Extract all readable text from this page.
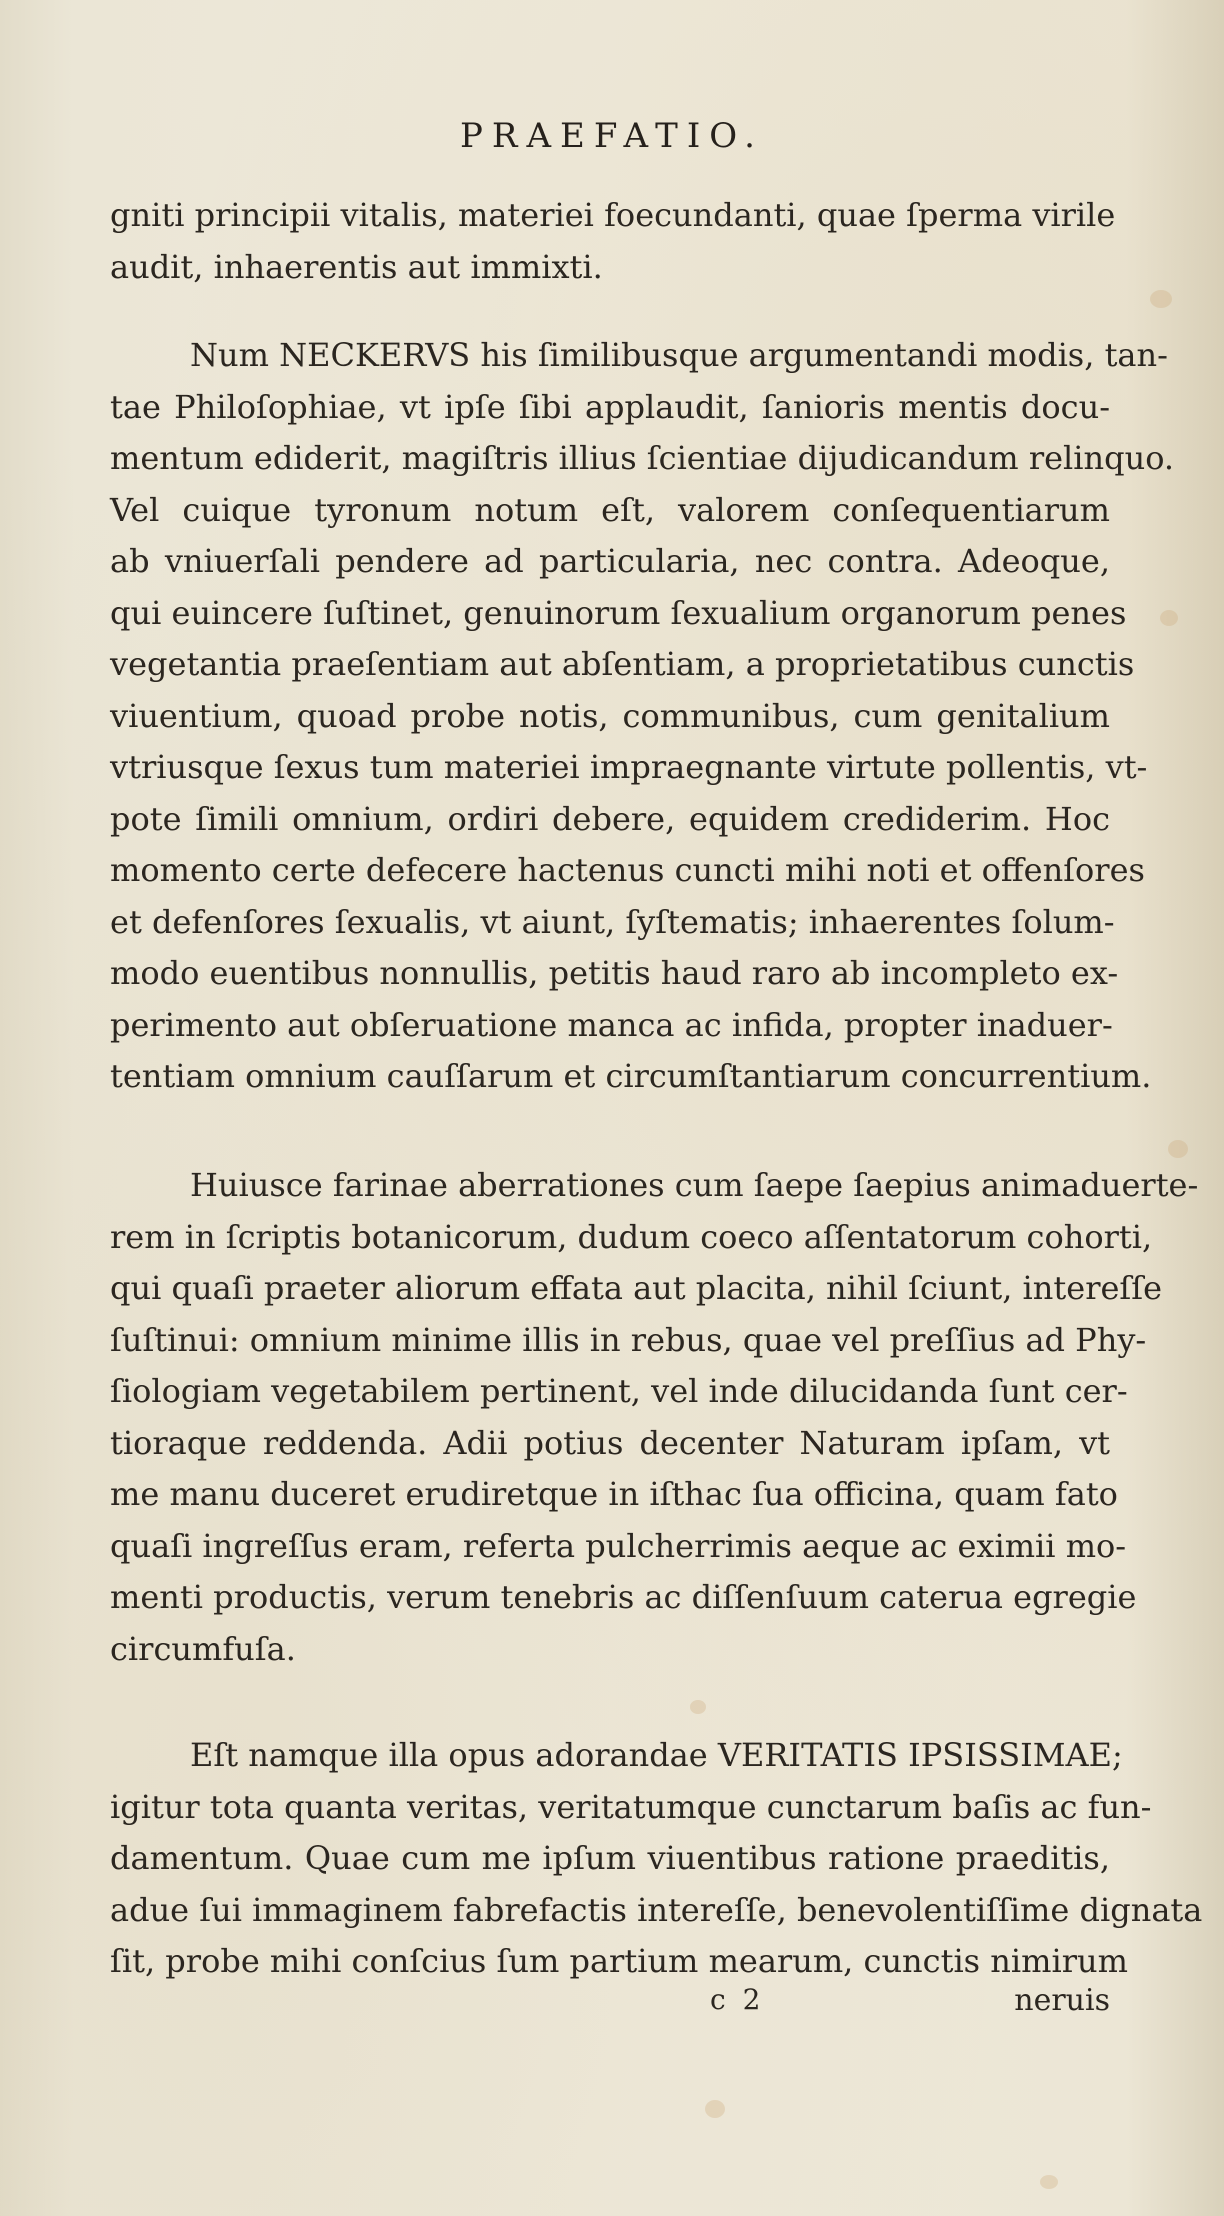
PRAEFATIO.
gniti principii vitalis, materiei foecundanti, quae ſperma virile
audit, inhaerentis aut immixti.
Num NECKERVS his ſimilibusque argumentandi modis, tan-
tae Philoſophiae, vt ipſe ſibi applaudit, ſanioris mentis docu-
mentum ediderit, magiſtris illius ſcientiae dijudicandum relinquo.
Vel cuique tyronum notum eſt, valorem conſequentiarum
ab vniuerſali pendere ad particularia, nec contra. Adeoque,
qui euincere ſuſtinet, genuinorum ſexualium organorum penes
vegetantia praeſentiam aut abſentiam, a proprietatibus cunctis
viuentium, quoad probe notis, communibus, cum genitalium
vtriusque ſexus tum materiei impraegnante virtute pollentis, vt-
pote ſimili omnium, ordiri debere, equidem crediderim. Hoc
momento certe defecere hactenus cuncti mihi noti et offenſores
et defenſores ſexualis, vt aiunt, ſyſtematis; inhaerentes ſolum-
modo euentibus nonnullis, petitis haud raro ab incompleto ex-
perimento aut obſeruatione manca ac infida, propter inaduer-
tentiam omnium cauſſarum et circumſtantiarum concurrentium.
Huiusce farinae aberrationes cum ſaepe ſaepius animaduerte-
rem in ſcriptis botanicorum, dudum coeco aſſentatorum cohorti,
qui quaſi praeter aliorum effata aut placita, nihil ſciunt, intereſſe
ſuſtinui: omnium minime illis in rebus, quae vel preſſius ad Phy-
ſiologiam vegetabilem pertinent, vel inde dilucidanda ſunt cer-
tioraque reddenda. Adii potius decenter Naturam ipſam, vt
me manu duceret erudiretque in iſthac ſua officina, quam fato
quaſi ingreſſus eram, referta pulcherrimis aeque ac eximii mo-
menti productis, verum tenebris ac diſſenſuum caterua egregie
circumfuſa.
Eſt namque illa opus adorandae VERITATIS IPSISSIMAE;
igitur tota quanta veritas, veritatumque cunctarum baſis ac fun-
damentum. Quae cum me ipſum viuentibus ratione praeditis,
adue ſui immaginem fabrefactis intereſſe, benevolentiſſime dignata
ſit, probe mihi conſcius ſum partium mearum, cunctis nimirum
c 2	neruis
